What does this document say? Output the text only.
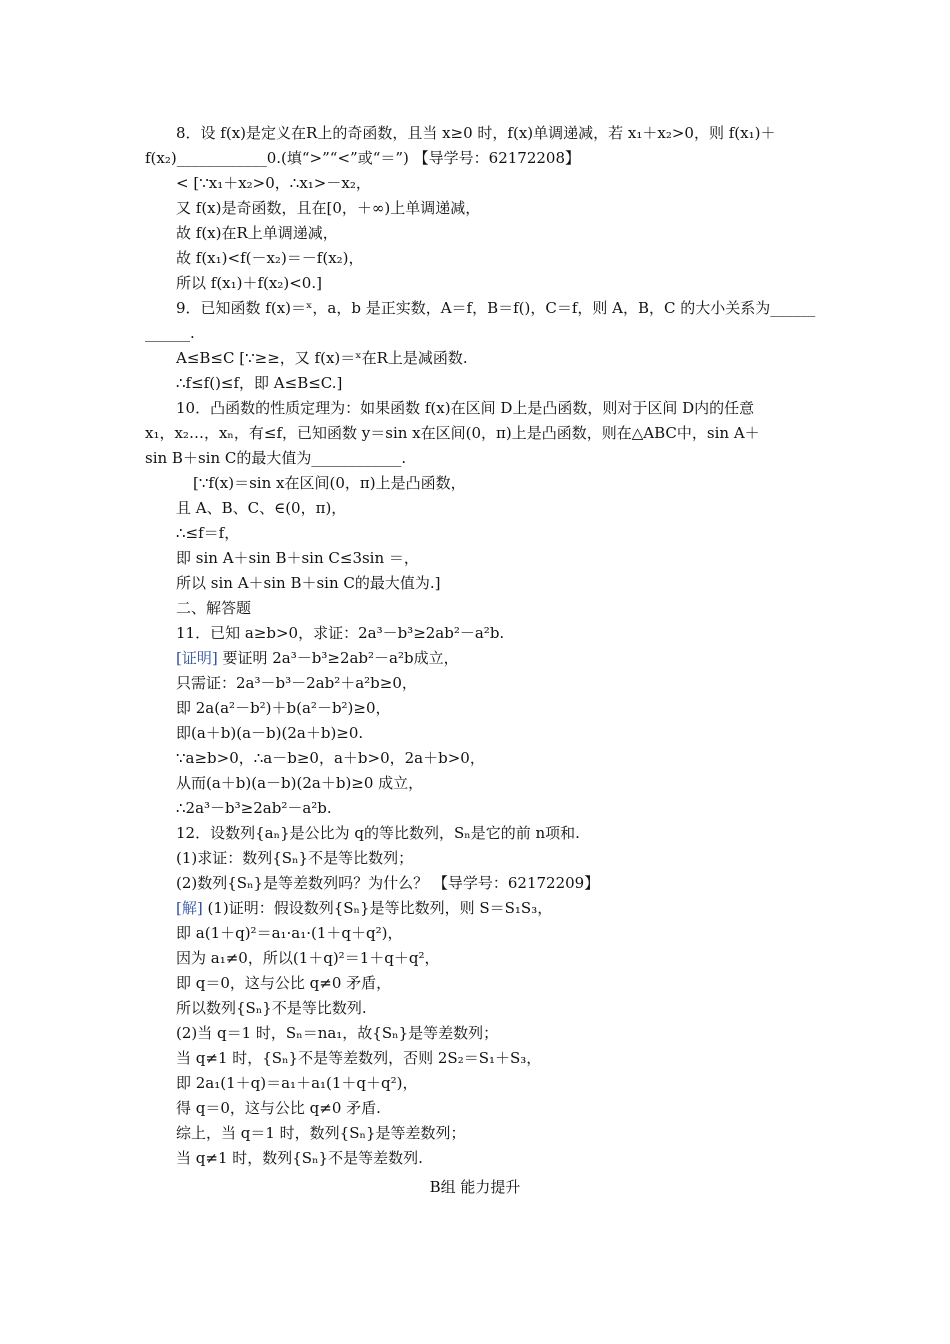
8．设 f(x)是定义在R上的奇函数，且当 x≥0 时，f(x)单调递减，若 x₁＋x₂>0，则 f(x₁)＋
f(x₂)____________0.(填“>”“<”或“＝”) 【导学号：62172208】
< [∵x₁＋x₂>0，∴x₁>－x₂，
又 f(x)是奇函数，且在[0，＋∞)上单调递减，
故 f(x)在R上单调递减，
故 f(x₁)<f(－x₂)＝－f(x₂)，
所以 f(x₁)＋f(x₂)<0.]
9．已知函数 f(x)＝ˣ，a，b 是正实数，A＝f，B＝f()，C＝f，则 A，B，C 的大小关系为______
______.
A≤B≤C [∵≥≥，又 f(x)＝ˣ在R上是减函数.
∴f≤f()≤f，即 A≤B≤C.]
10．凸函数的性质定理为：如果函数 f(x)在区间 D上是凸函数，则对于区间 D内的任意
x₁，x₂…，xₙ，有≤f，已知函数 y＝sin x在区间(0，π)上是凸函数，则在△ABC中，sin A＋
sin B＋sin C的最大值为____________.
[∵f(x)＝sin x在区间(0，π)上是凸函数，
且 A、B、C、∈(0，π)，
∴≤f＝f，
即 sin A＋sin B＋sin C≤3sin ＝，
所以 sin A＋sin B＋sin C的最大值为.]
二、解答题
11．已知 a≥b>0，求证：2a³－b³≥2ab²－a²b.
[证明] 要证明 2a³－b³≥2ab²－a²b成立，
只需证：2a³－b³－2ab²＋a²b≥0，
即 2a(a²－b²)＋b(a²－b²)≥0，
即(a＋b)(a－b)(2a＋b)≥0.
∵a≥b>0，∴a－b≥0，a＋b>0，2a＋b>0，
从而(a＋b)(a－b)(2a＋b)≥0 成立，
∴2a³－b³≥2ab²－a²b.
12．设数列{aₙ}是公比为 q的等比数列，Sₙ是它的前 n项和.
(1)求证：数列{Sₙ}不是等比数列；
(2)数列{Sₙ}是等差数列吗？为什么？ 【导学号：62172209】
[解] (1)证明：假设数列{Sₙ}是等比数列，则 S＝S₁S₃，
即 a(1＋q)²＝a₁·a₁·(1＋q＋q²)，
因为 a₁≠0，所以(1＋q)²＝1＋q＋q²，
即 q＝0，这与公比 q≠0 矛盾，
所以数列{Sₙ}不是等比数列.
(2)当 q＝1 时，Sₙ＝na₁，故{Sₙ}是等差数列；
当 q≠1 时，{Sₙ}不是等差数列，否则 2S₂＝S₁＋S₃，
即 2a₁(1＋q)＝a₁＋a₁(1＋q＋q²)，
得 q＝0，这与公比 q≠0 矛盾.
综上，当 q＝1 时，数列{Sₙ}是等差数列；
当 q≠1 时，数列{Sₙ}不是等差数列.
B组 能力提升
